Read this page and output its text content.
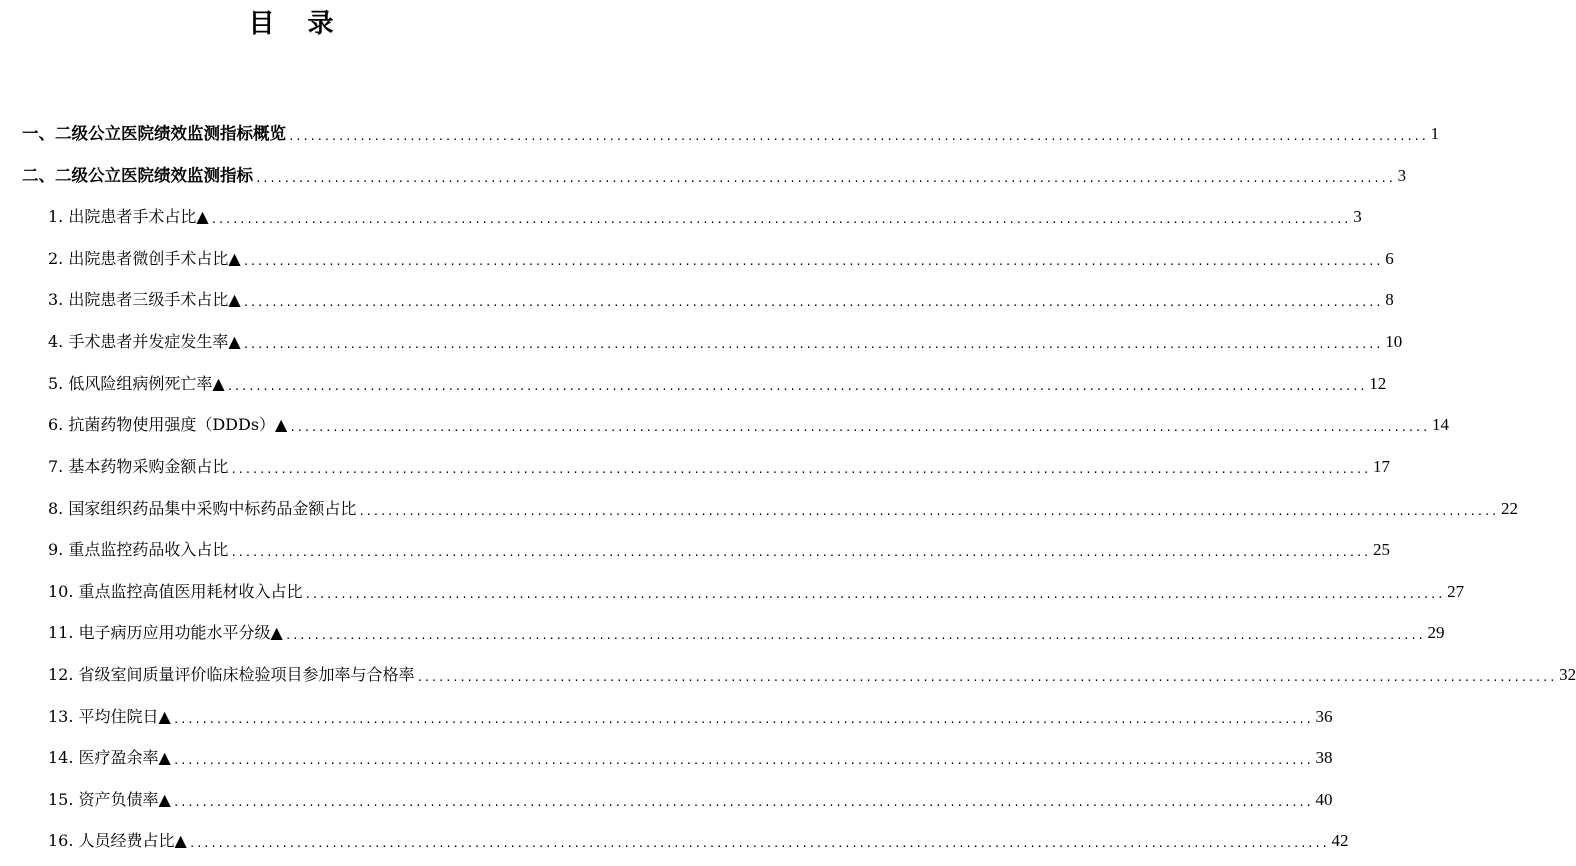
目 录
一、二级公立医院绩效监测指标概览 ................................................................................................................................................................ 1
二、二级公立医院绩效监测指标 ................................................................................................................................................................ 3
1. 出院患者手术占比▲ ................................................................................................................................................................ 3
2. 出院患者微创手术占比▲ ................................................................................................................................................................ 6
3. 出院患者三级手术占比▲ ................................................................................................................................................................ 8
4. 手术患者并发症发生率▲ ................................................................................................................................................................ 10
5. 低风险组病例死亡率▲ ................................................................................................................................................................ 12
6. 抗菌药物使用强度（DDDs）▲ ................................................................................................................................................................ 14
7. 基本药物采购金额占比 ................................................................................................................................................................ 17
8. 国家组织药品集中采购中标药品金额占比 ................................................................................................................................................................ 22
9. 重点监控药品收入占比 ................................................................................................................................................................ 25
10. 重点监控高值医用耗材收入占比 ................................................................................................................................................................ 27
11. 电子病历应用功能水平分级▲ ................................................................................................................................................................ 29
12. 省级室间质量评价临床检验项目参加率与合格率 ................................................................................................................................................................ 32
13. 平均住院日▲ ................................................................................................................................................................ 36
14. 医疗盈余率▲ ................................................................................................................................................................ 38
15. 资产负债率▲ ................................................................................................................................................................ 40
16. 人员经费占比▲ ................................................................................................................................................................ 42
